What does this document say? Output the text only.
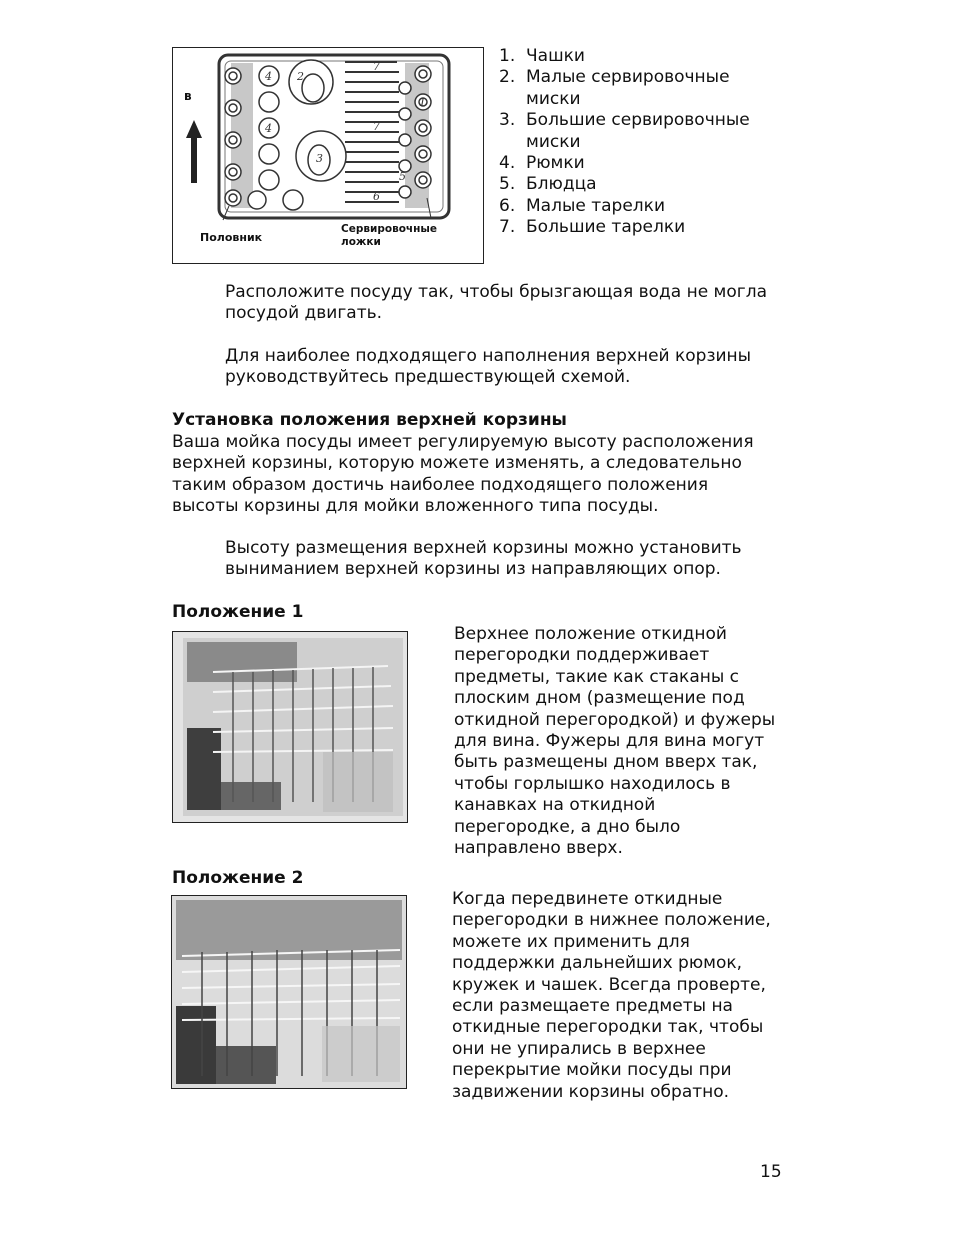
4 2
3
4
1
7
7
5
6
в
Половник
Сервировочные
ложки
1. Чашки
2. Малые сервировочные
миски
3. Большие сервировочные
миски
4. Рюмки
5. Блюдца
6. Малые тарелки
7. Большие тарелки
Расположите посуду так, чтобы брызгающая вода не могла
посудой двигать.
Для наиболее подходящего наполнения верхней корзины
руководствуйтесь предшествующей схемой.
Установка положения верхней корзины
Ваша мойка посуды имеет регулируемую высоту расположения
верхней корзины, которую можете изменять, а следовательно
таким образом достичь наиболее подходящего положения
высоты корзины для мойки вложенного типа посуды.
Высоту размещения верхней корзины можно установить
выниманием верхней корзины из направляющих опор.
Положение 1
Верхнее положение откидной
перегородки поддерживает
предметы, такие как стаканы с
плоским дном (размещение под
откидной перегородкой) и фужеры
для вина. Фужеры для вина могут
быть размещены дном вверх так,
чтобы горлышко находилось в
канавках на откидной
перегородке, а дно было
направлено вверх.
Положение 2
Когда передвинете откидные
перегородки в нижнее положение,
можете их применить для
поддержки дальнейших рюмок,
кружек и чашек. Всегда проверте,
если размещаете предметы на
откидные перегородки так, чтобы
они не упирались в верхнее
перекрытие мойки посуды при
задвижении корзины обратно.
15
